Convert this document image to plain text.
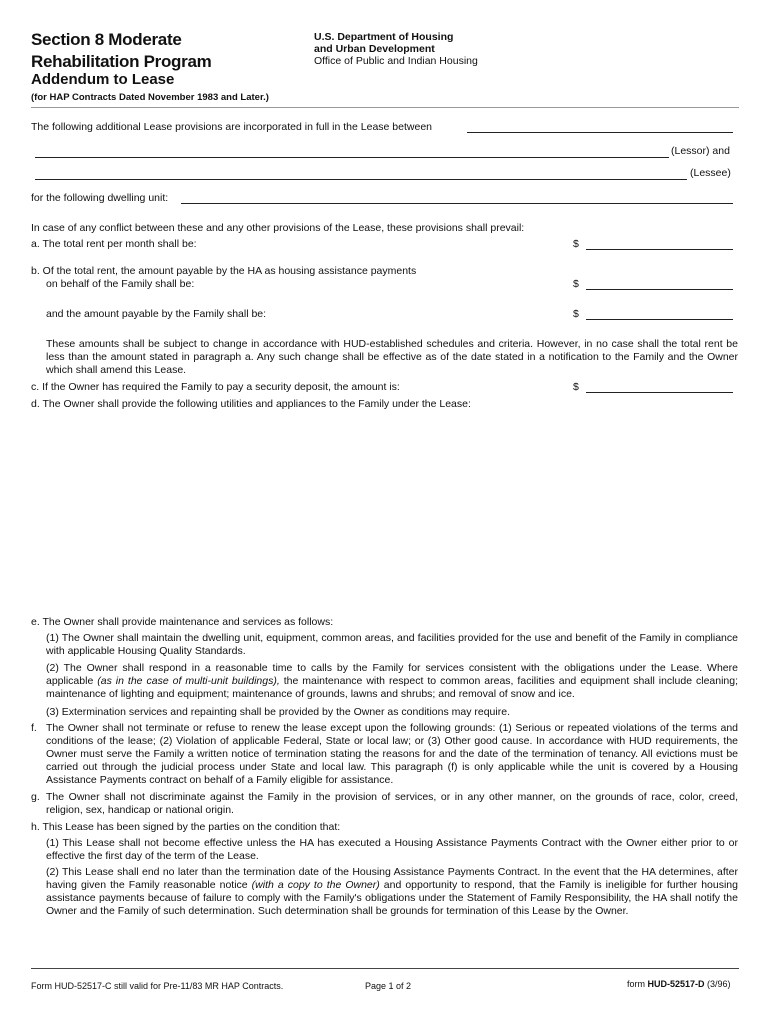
Section 8 Moderate
Rehabilitation Program
Addendum to Lease
(for HAP Contracts Dated November 1983 and Later.)
U.S. Department of Housing
and Urban Development
Office of Public and Indian Housing
The following additional Lease provisions are incorporated in full in the Lease between
(Lessor) and
(Lessee)
for the following dwelling unit:
In case of any conflict between these and any other provisions of the Lease, these provisions shall prevail:
a. The total rent per month shall be:	$
b. Of the total rent, the amount payable by the HA as housing assistance payments
on behalf of the Family shall be:	$
and the amount payable by the Family shall be:	$
These amounts shall be subject to change in accordance with HUD-established schedules and criteria. However, in no case shall the total rent be less than the amount stated in paragraph a. Any such change shall be effective as of the date stated in a notification to the Family and the Owner which shall amend this Lease.
c. If the Owner has required the Family to pay a security deposit, the amount is:	$
d. The Owner shall provide the following utilities and appliances to the Family under the Lease:
e. The Owner shall provide maintenance and services as follows:
(1) The Owner shall maintain the dwelling unit, equipment, common areas, and facilities provided for the use and benefit of the Family in compliance with applicable Housing Quality Standards.
(2) The Owner shall respond in a reasonable time to calls by the Family for services consistent with the obligations under the Lease. Where applicable (as in the case of multi-unit buildings), the maintenance with respect to common areas, facilities and equipment shall include cleaning; maintenance of lighting and equipment; maintenance of grounds, lawns and shrubs; and removal of snow and ice.
(3) Extermination services and repainting shall be provided by the Owner as conditions may require.
f. The Owner shall not terminate or refuse to renew the lease except upon the following grounds: (1) Serious or repeated violations of the terms and conditions of the lease; (2) Violation of applicable Federal, State or local law; or (3) Other good cause. In accordance with HUD requirements, the Owner must serve the Family a written notice of termination stating the reasons for and the date of the termination of tenancy. All evictions must be carried out through the judicial process under State and local law. This paragraph (f) is only applicable while the unit is covered by a Housing Assistance Payments contract on behalf of a Family eligible for assistance.
g. The Owner shall not discriminate against the Family in the provision of services, or in any other manner, on the grounds of race, color, creed, religion, sex, handicap or national origin.
h. This Lease has been signed by the parties on the condition that:
(1) This Lease shall not become effective unless the HA has executed a Housing Assistance Payments Contract with the Owner either prior to or effective the first day of the term of the Lease.
(2) This Lease shall end no later than the termination date of the Housing Assistance Payments Contract. In the event that the HA determines, after having given the Family reasonable notice (with a copy to the Owner) and opportunity to respond, that the Family is ineligible for further housing assistance payments because of failure to comply with the Family's obligations under the Statement of Family Responsibility, the HA shall notify the Owner and the Family of such determination. Such determination shall be grounds for termination of this Lease by the Owner.
Form HUD-52517-C still valid for Pre-11/83 MR HAP Contracts.	Page 1 of 2	form HUD-52517-D (3/96)
